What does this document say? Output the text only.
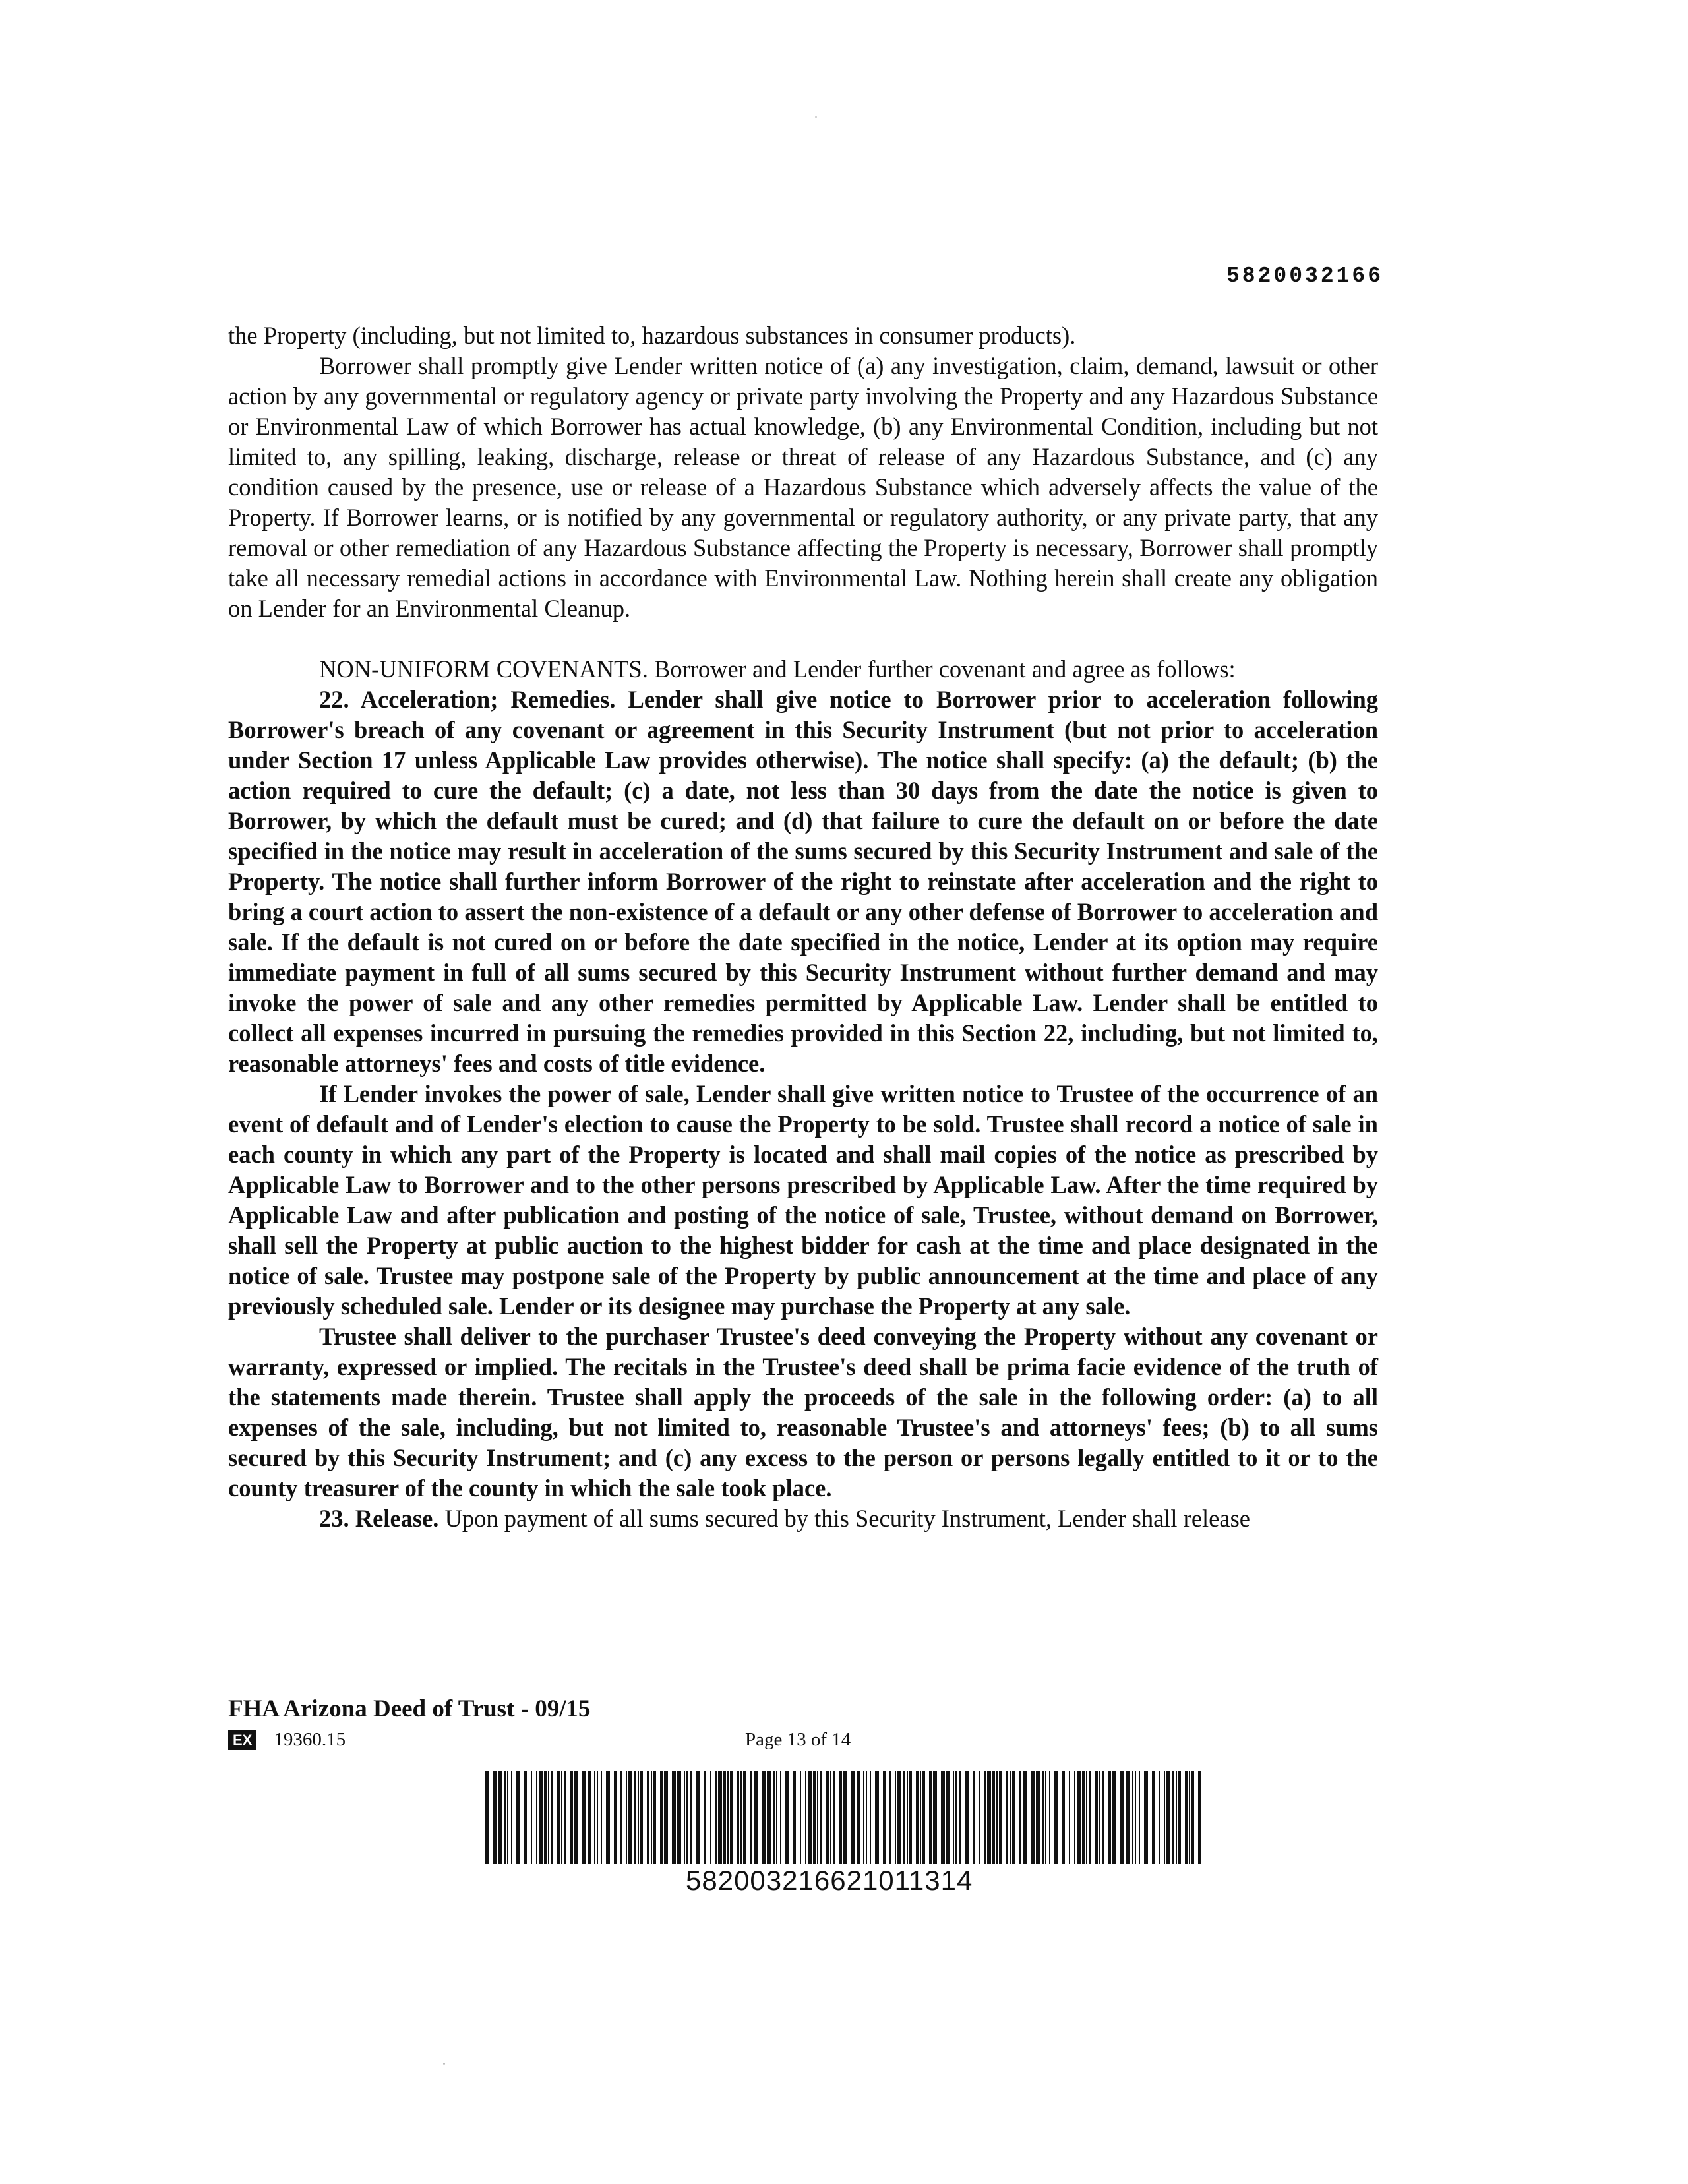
5820032166

the Property (including, but not limited to, hazardous substances in consumer products).

Borrower shall promptly give Lender written notice of (a) any investigation, claim, demand, lawsuit or other action by any governmental or regulatory agency or private party involving the Property and any Hazardous Substance or Environmental Law of which Borrower has actual knowledge, (b) any Environmental Condition, including but not limited to, any spilling, leaking, discharge, release or threat of release of any Hazardous Substance, and (c) any condition caused by the presence, use or release of a Hazardous Substance which adversely affects the value of the Property. If Borrower learns, or is notified by any governmental or regulatory authority, or any private party, that any removal or other remediation of any Hazardous Substance affecting the Property is necessary, Borrower shall promptly take all necessary remedial actions in accordance with Environmental Law. Nothing herein shall create any obligation on Lender for an Environmental Cleanup.

NON-UNIFORM COVENANTS. Borrower and Lender further covenant and agree as follows:

22. Acceleration; Remedies. Lender shall give notice to Borrower prior to acceleration following Borrower's breach of any covenant or agreement in this Security Instrument (but not prior to acceleration under Section 17 unless Applicable Law provides otherwise). The notice shall specify: (a) the default; (b) the action required to cure the default; (c) a date, not less than 30 days from the date the notice is given to Borrower, by which the default must be cured; and (d) that failure to cure the default on or before the date specified in the notice may result in acceleration of the sums secured by this Security Instrument and sale of the Property. The notice shall further inform Borrower of the right to reinstate after acceleration and the right to bring a court action to assert the non-existence of a default or any other defense of Borrower to acceleration and sale. If the default is not cured on or before the date specified in the notice, Lender at its option may require immediate payment in full of all sums secured by this Security Instrument without further demand and may invoke the power of sale and any other remedies permitted by Applicable Law. Lender shall be entitled to collect all expenses incurred in pursuing the remedies provided in this Section 22, including, but not limited to, reasonable attorneys' fees and costs of title evidence.

If Lender invokes the power of sale, Lender shall give written notice to Trustee of the occurrence of an event of default and of Lender's election to cause the Property to be sold. Trustee shall record a notice of sale in each county in which any part of the Property is located and shall mail copies of the notice as prescribed by Applicable Law to Borrower and to the other persons prescribed by Applicable Law. After the time required by Applicable Law and after publication and posting of the notice of sale, Trustee, without demand on Borrower, shall sell the Property at public auction to the highest bidder for cash at the time and place designated in the notice of sale. Trustee may postpone sale of the Property by public announcement at the time and place of any previously scheduled sale. Lender or its designee may purchase the Property at any sale.

Trustee shall deliver to the purchaser Trustee's deed conveying the Property without any covenant or warranty, expressed or implied. The recitals in the Trustee's deed shall be prima facie evidence of the truth of the statements made therein. Trustee shall apply the proceeds of the sale in the following order: (a) to all expenses of the sale, including, but not limited to, reasonable Trustee's and attorneys' fees; (b) to all sums secured by this Security Instrument; and (c) any excess to the person or persons legally entitled to it or to the county treasurer of the county in which the sale took place.

23. Release. Upon payment of all sums secured by this Security Instrument, Lender shall release

FHA Arizona Deed of Trust - 09/15
EX 19360.15	Page 13 of 14
582003216621011314
